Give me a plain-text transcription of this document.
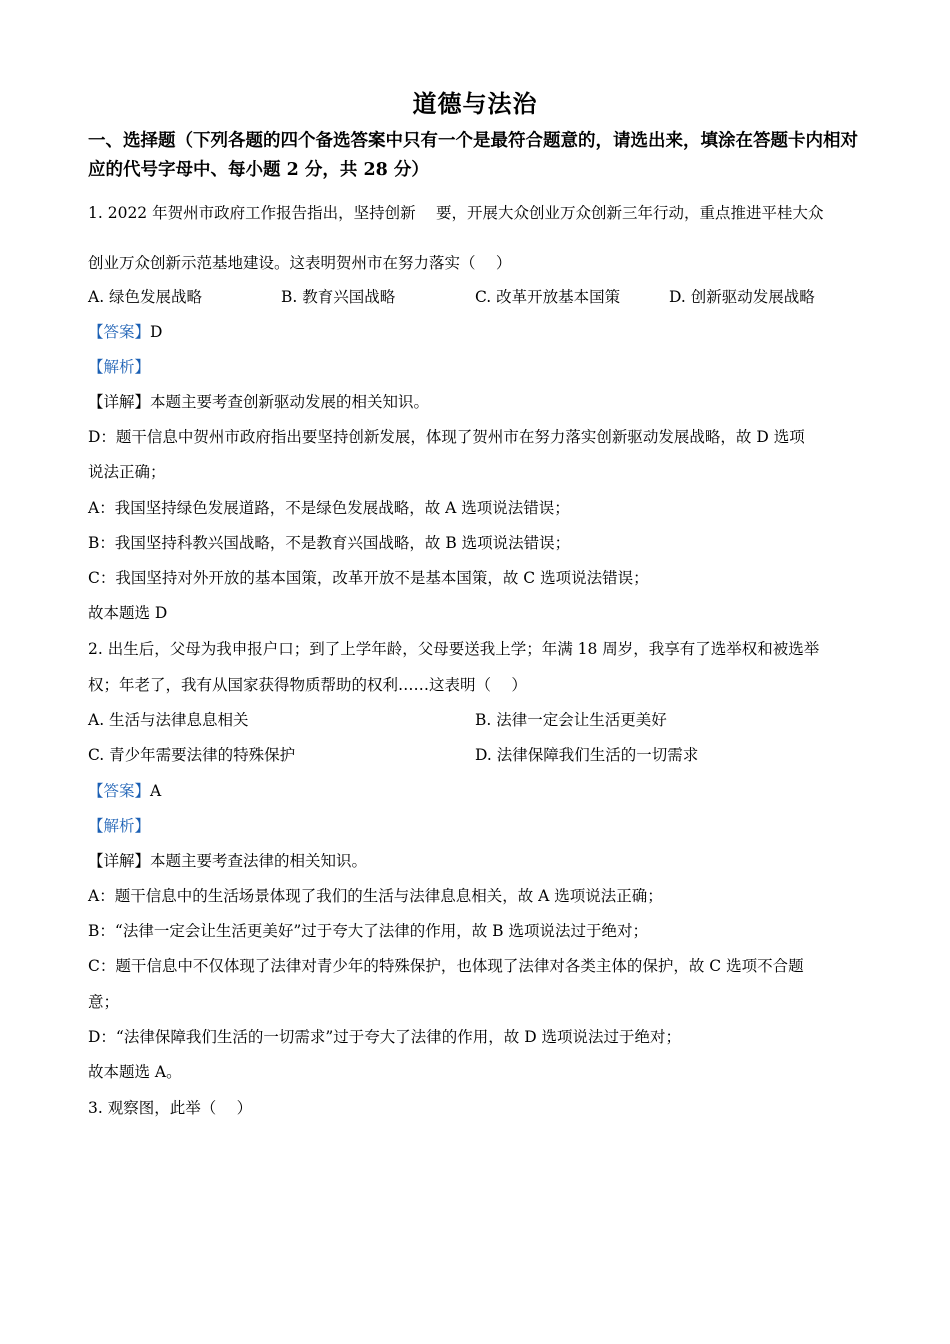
道德与法治
一、选择题（下列各题的四个备选答案中只有一个是最符合题意的，请选出来，填涂在答题卡内相对应的代号字母中、每小题 2 分，共 28 分）
1. 2022 年贺州市政府工作报告指出，坚持创新　 要，开展大众创业万众创新三年行动，重点推进平桂大众
创业万众创新示范基地建设。这表明贺州市在努力落实（　 ）
A. 绿色发展战略	B. 教育兴国战略	C. 改革开放基本国策	D. 创新驱动发展战略
【答案】D
【解析】
【详解】本题主要考查创新驱动发展的相关知识。
D：题干信息中贺州市政府指出要坚持创新发展，体现了贺州市在努力落实创新驱动发展战略，故 D 选项
说法正确；
A：我国坚持绿色发展道路，不是绿色发展战略，故 A 选项说法错误；
B：我国坚持科教兴国战略，不是教育兴国战略，故 B 选项说法错误；
C：我国坚持对外开放的基本国策，改革开放不是基本国策，故 C 选项说法错误；
故本题选 D
2. 出生后，父母为我申报户口；到了上学年龄，父母要送我上学；年满 18 周岁，我享有了选举权和被选举
权；年老了，我有从国家获得物质帮助的权利……这表明（　 ）
A. 生活与法律息息相关	B. 法律一定会让生活更美好
C. 青少年需要法律的特殊保护	D. 法律保障我们生活的一切需求
【答案】A
【解析】
【详解】本题主要考查法律的相关知识。
A：题干信息中的生活场景体现了我们的生活与法律息息相关，故 A 选项说法正确；
B：“法律一定会让生活更美好”过于夸大了法律的作用，故 B 选项说法过于绝对；
C：题干信息中不仅体现了法律对青少年的特殊保护，也体现了法律对各类主体的保护，故 C 选项不合题
意；
D：“法律保障我们生活的一切需求”过于夸大了法律的作用，故 D 选项说法过于绝对；
故本题选 A。
3. 观察图，此举（　 ）
